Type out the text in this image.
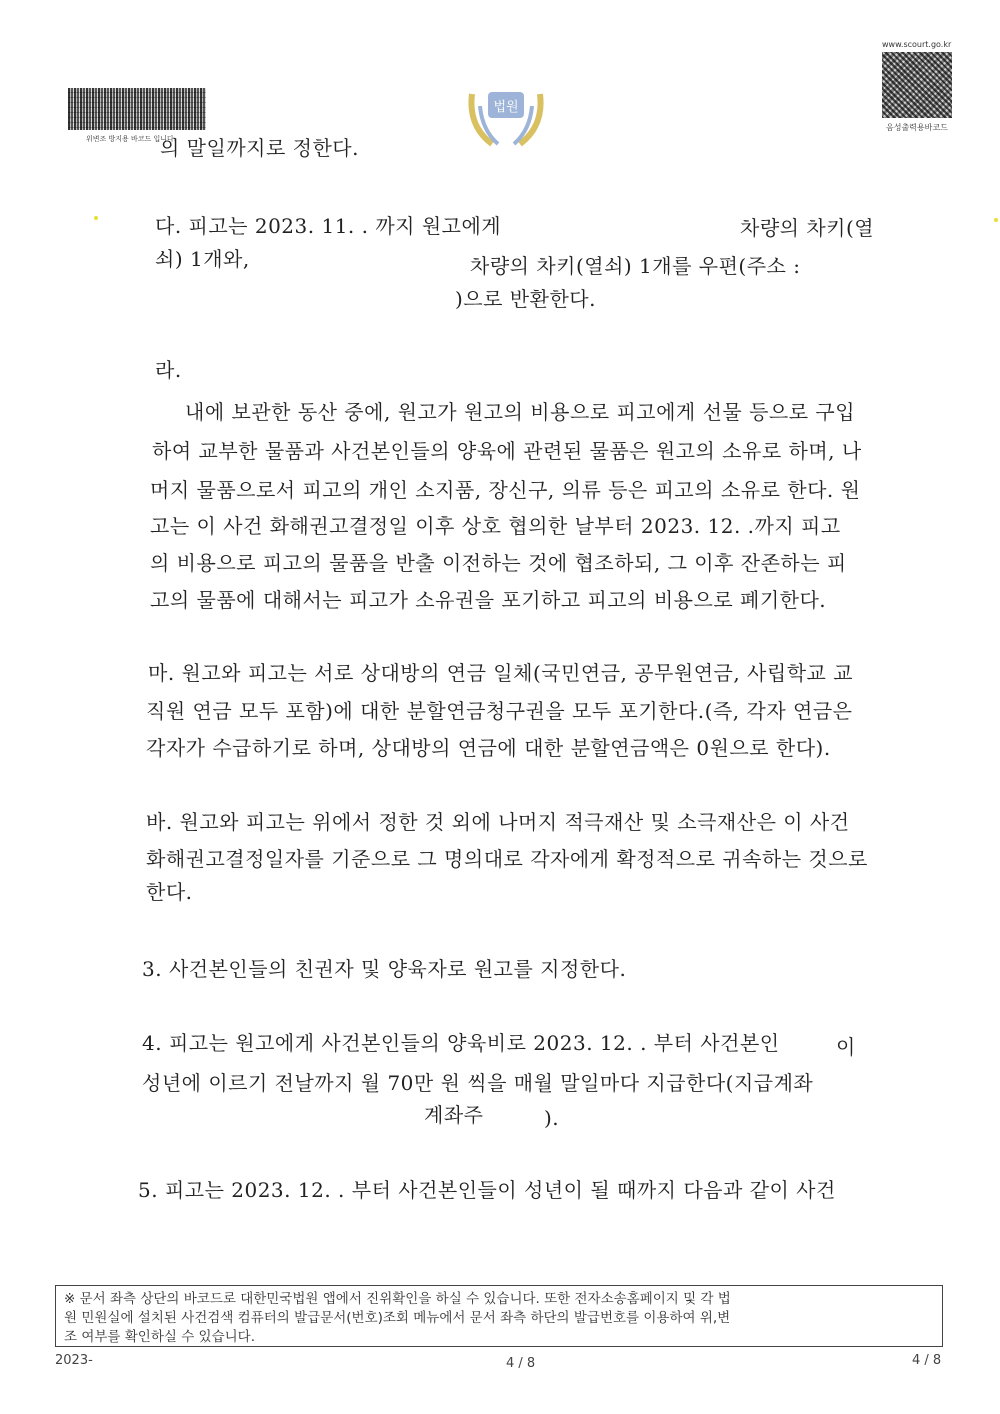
위변조 방지용 바코드 입니다.
법원
www.scourt.go.kr
음성출력용바코드
의 말일까지로 정한다.
다. 피고는 2023. 11. . 까지 원고에게	차량의 차키(열
쇠) 1개와,	차량의 차키(열쇠) 1개를 우편(주소 :
)으로 반환한다.
라.
내에 보관한 동산 중에, 원고가 원고의 비용으로 피고에게 선물 등으로 구입
하여 교부한 물품과 사건본인들의 양육에 관련된 물품은 원고의 소유로 하며, 나
머지 물품으로서 피고의 개인 소지품, 장신구, 의류 등은 피고의 소유로 한다. 원
고는 이 사건 화해권고결정일 이후 상호 협의한 날부터 2023. 12. .까지 피고
의 비용으로 피고의 물품을 반출 이전하는 것에 협조하되, 그 이후 잔존하는 피
고의 물품에 대해서는 피고가 소유권을 포기하고 피고의 비용으로 폐기한다.
마. 원고와 피고는 서로 상대방의 연금 일체(국민연금, 공무원연금, 사립학교 교
직원 연금 모두 포함)에 대한 분할연금청구권을 모두 포기한다.(즉, 각자 연금은
각자가 수급하기로 하며, 상대방의 연금에 대한 분할연금액은 0원으로 한다).
바. 원고와 피고는 위에서 정한 것 외에 나머지 적극재산 및 소극재산은 이 사건
화해권고결정일자를 기준으로 그 명의대로 각자에게 확정적으로 귀속하는 것으로
한다.
3. 사건본인들의 친권자 및 양육자로 원고를 지정한다.
4. 피고는 원고에게 사건본인들의 양육비로 2023. 12. . 부터 사건본인	이
성년에 이르기 전날까지 월 70만 원 씩을 매월 말일마다 지급한다(지급계좌
계좌주	).
5. 피고는 2023. 12. . 부터 사건본인들이 성년이 될 때까지 다음과 같이 사건
※ 문서 좌측 상단의 바코드로 대한민국법원 앱에서 진위확인을 하실 수 있습니다. 또한 전자소송홈페이지 및 각 법
원 민원실에 설치된 사건검색 컴퓨터의 발급문서(번호)조회 메뉴에서 문서 좌측 하단의 발급번호를 이용하여 위,변
조 여부를 확인하실 수 있습니다.
2023-	4 / 8	4 / 8
